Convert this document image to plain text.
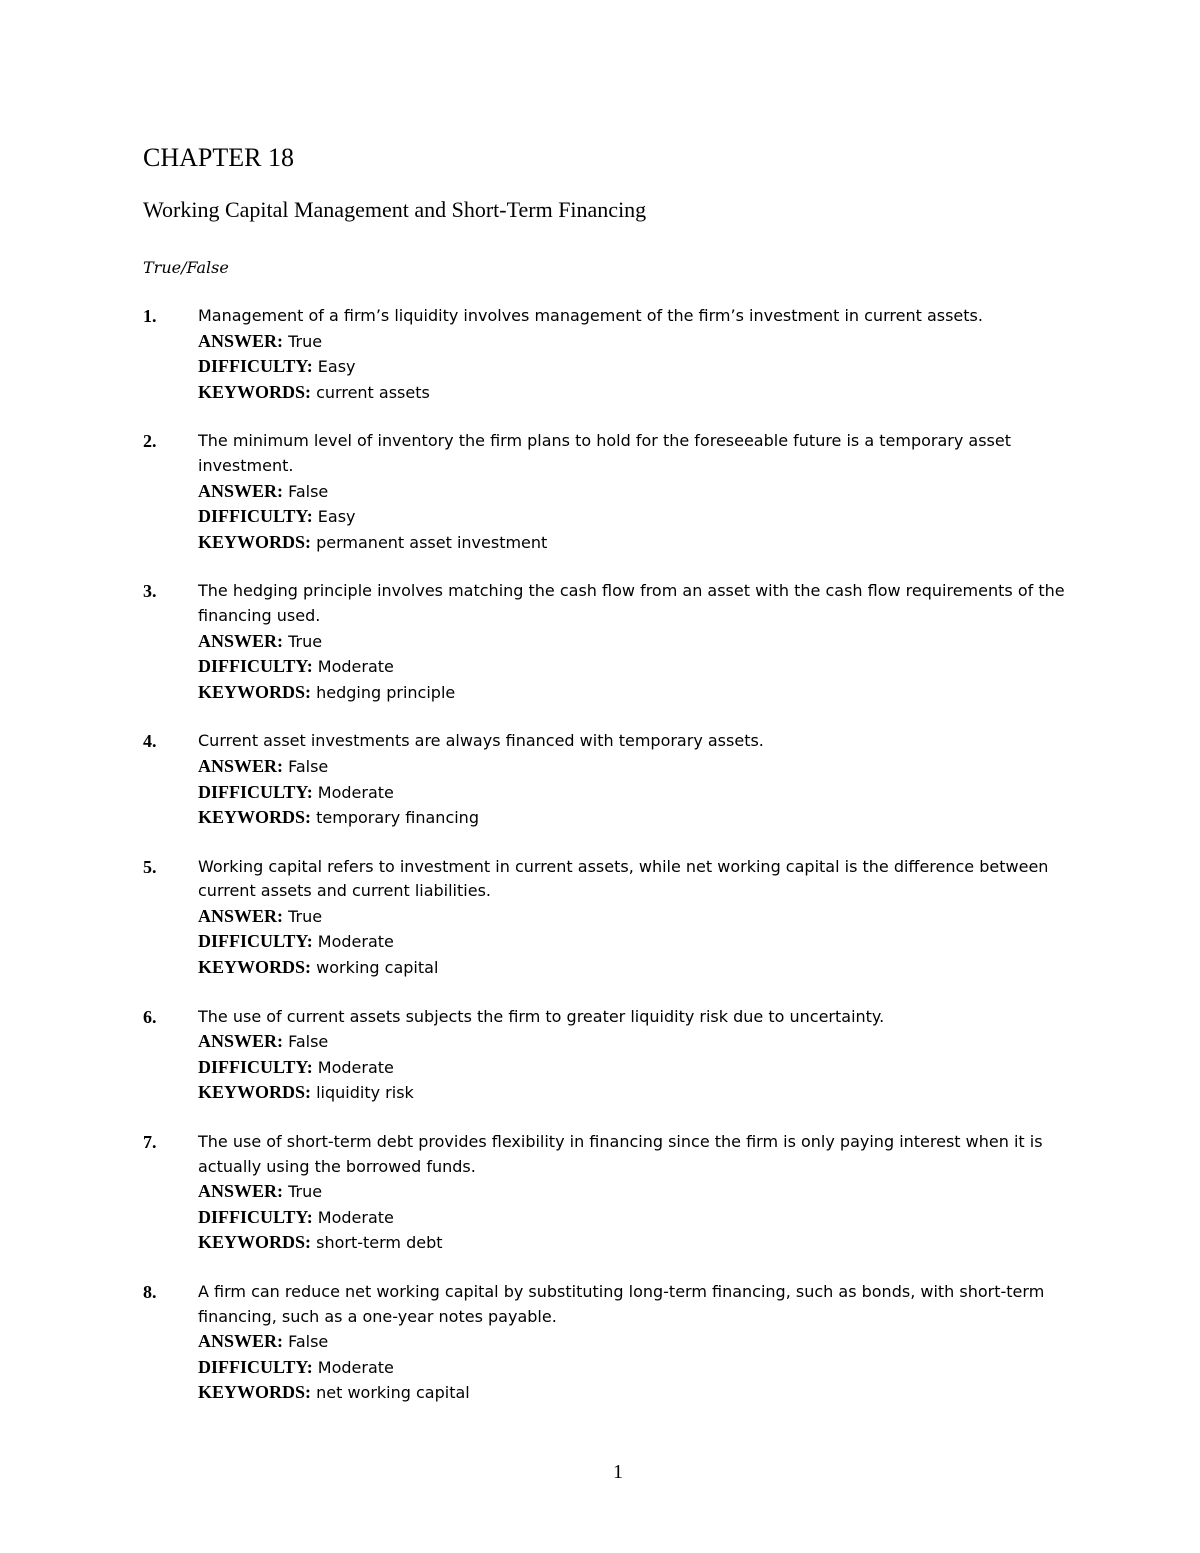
CHAPTER 18
Working Capital Management and Short-Term Financing

True/False

1.	Management of a firm’s liquidity involves management of the firm’s investment in current assets.

ANSWER: True

DIFFICULTY: Easy

KEYWORDS: current assets

2.	The minimum level of inventory the firm plans to hold for the foreseeable future is a temporary asset investment.

ANSWER: False

DIFFICULTY: Easy

KEYWORDS: permanent asset investment

3.	The hedging principle involves matching the cash flow from an asset with the cash flow requirements of the financing used.

ANSWER: True

DIFFICULTY: Moderate

KEYWORDS: hedging principle

4.	Current asset investments are always financed with temporary assets.

ANSWER: False

DIFFICULTY: Moderate

KEYWORDS: temporary financing

5.	Working capital refers to investment in current assets, while net working capital is the difference between current assets and current liabilities.

ANSWER: True

DIFFICULTY: Moderate

KEYWORDS: working capital

6.	The use of current assets subjects the firm to greater liquidity risk due to uncertainty.

ANSWER: False

DIFFICULTY: Moderate

KEYWORDS: liquidity risk

7.	The use of short-term debt provides flexibility in financing since the firm is only paying interest when it is actually using the borrowed funds.

ANSWER: True

DIFFICULTY: Moderate

KEYWORDS: short-term debt

8.	A firm can reduce net working capital by substituting long-term financing, such as bonds, with short-term financing, such as a one-year notes payable.

ANSWER: False

DIFFICULTY: Moderate

KEYWORDS: net working capital

1
